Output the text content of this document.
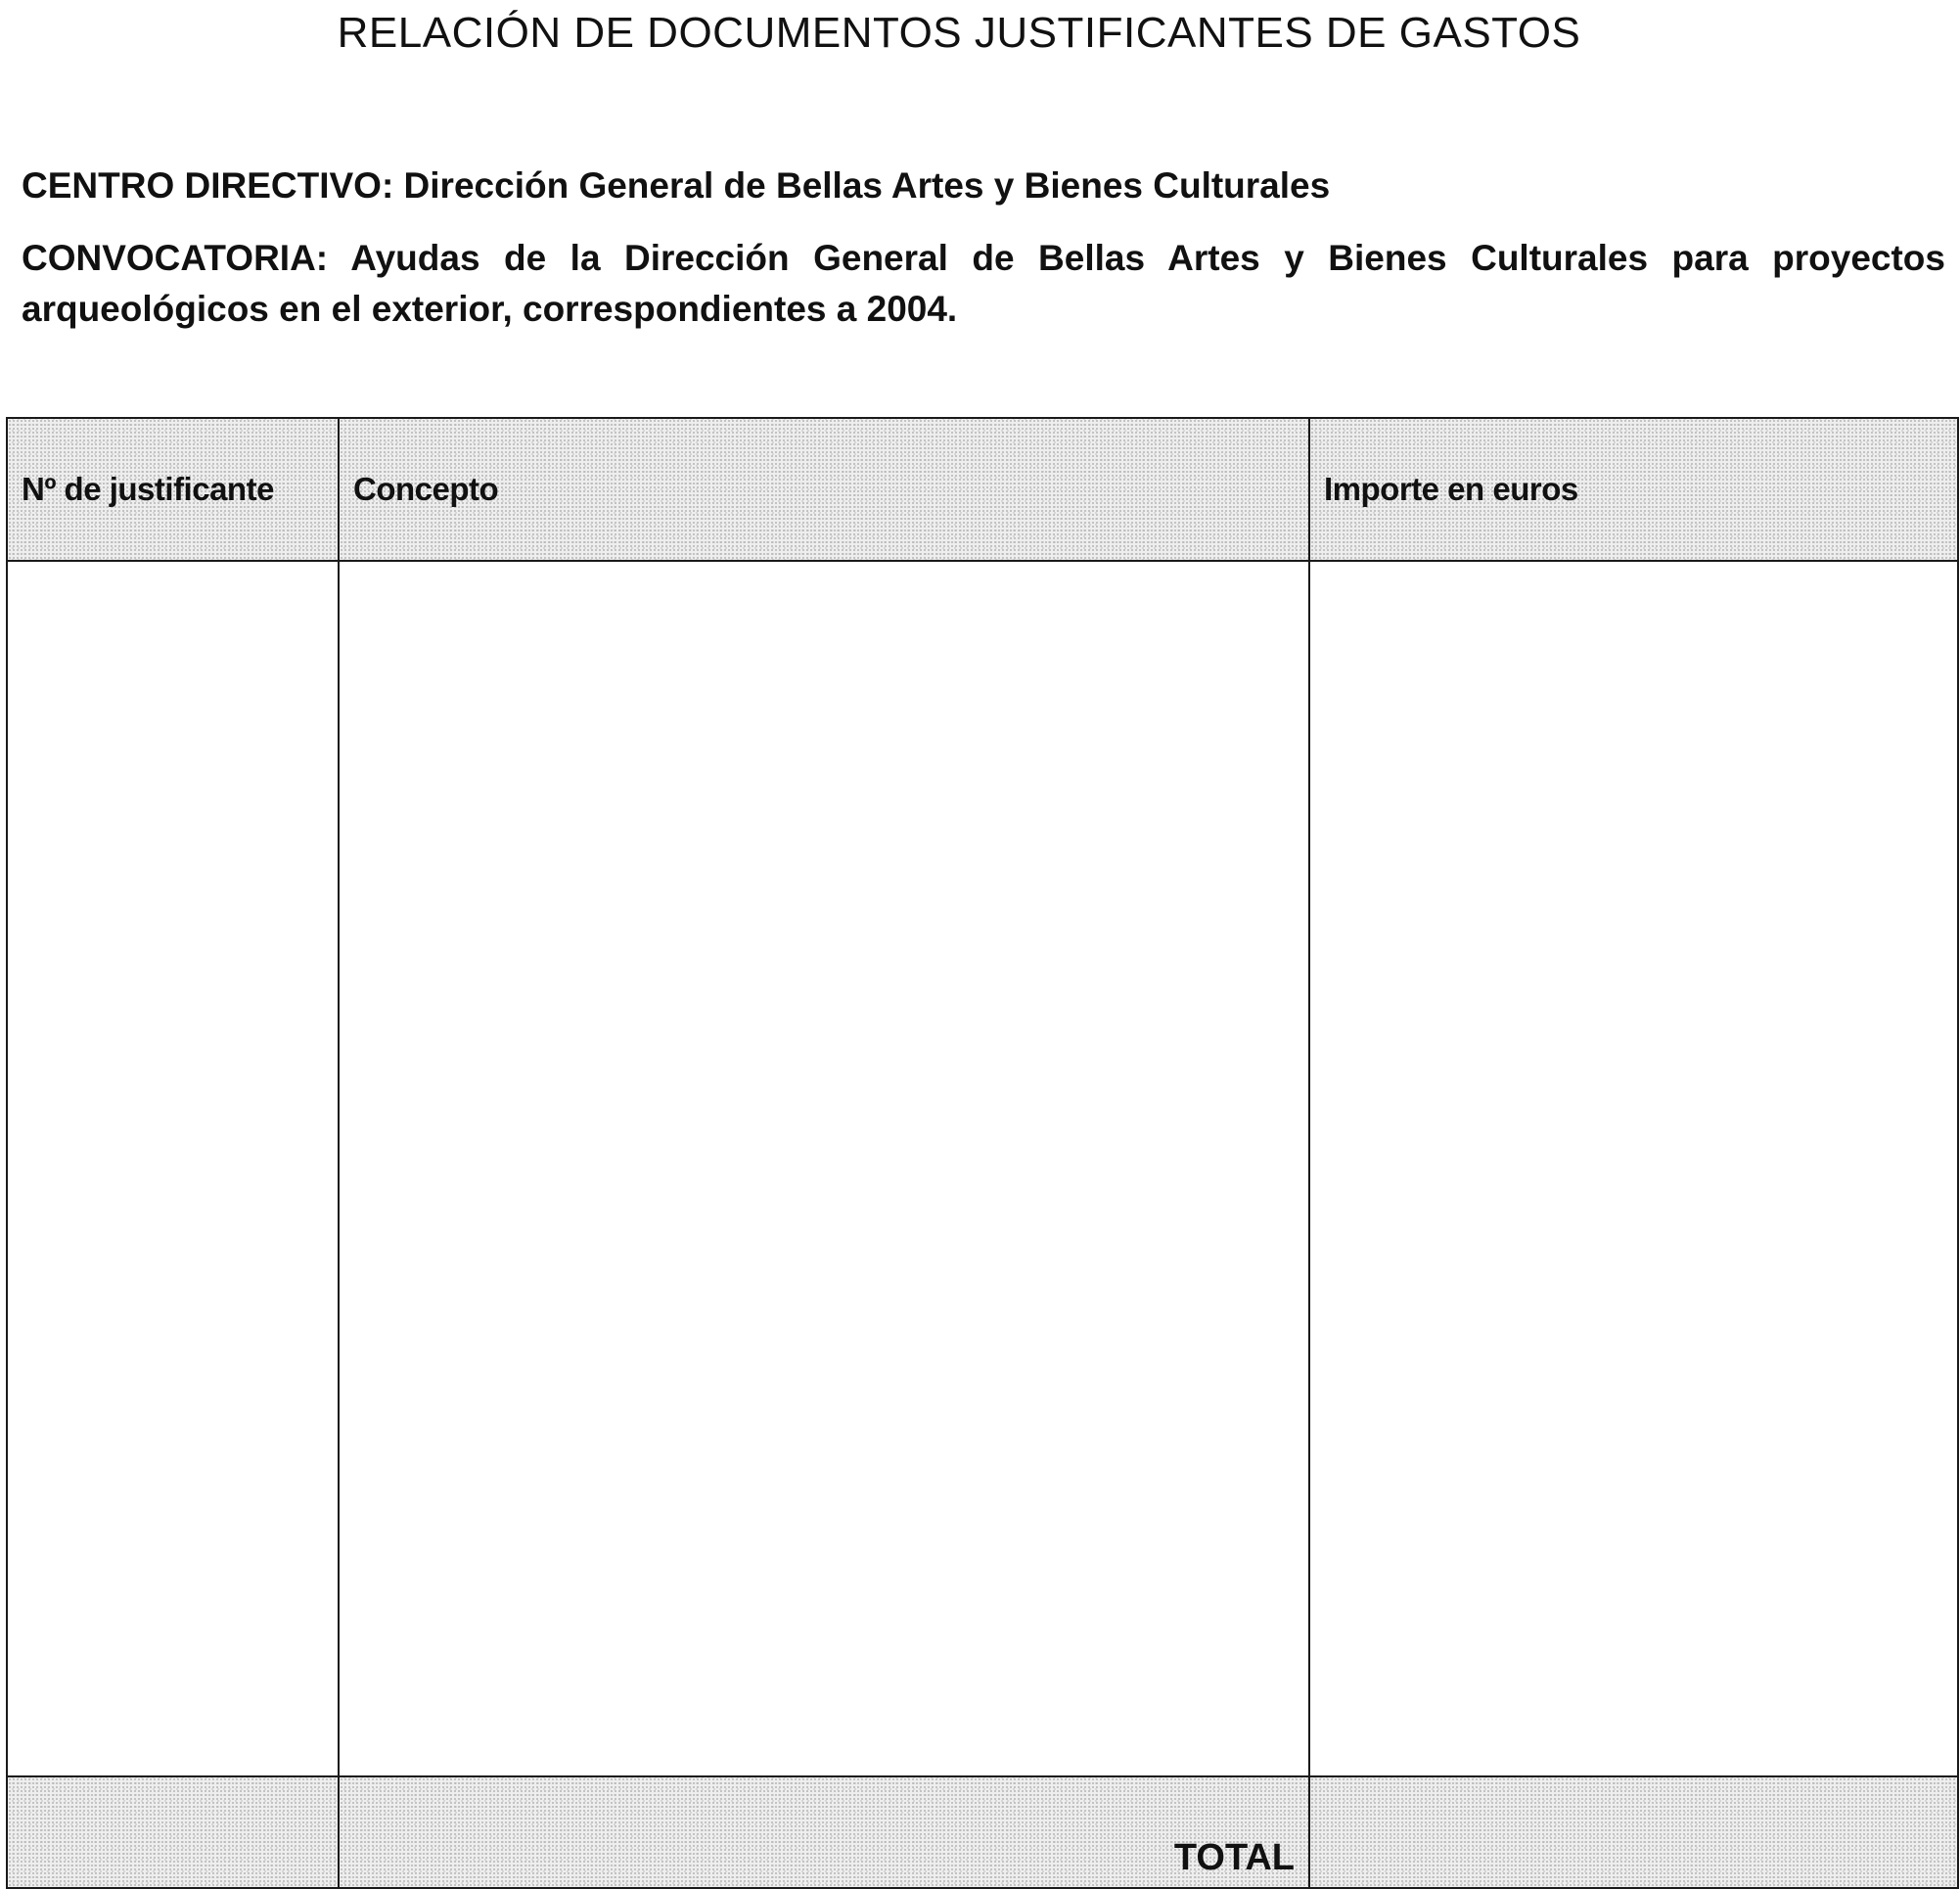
RELACIÓN DE DOCUMENTOS JUSTIFICANTES DE GASTOS

CENTRO DIRECTIVO: Dirección General de Bellas Artes y Bienes Culturales

CONVOCATORIA: Ayudas de la Dirección General de Bellas Artes y Bienes Culturales para proyectos arqueológicos en el exterior, correspondientes a 2004.

Nº de justificante	Concepto	Importe en euros

	TOTAL	
